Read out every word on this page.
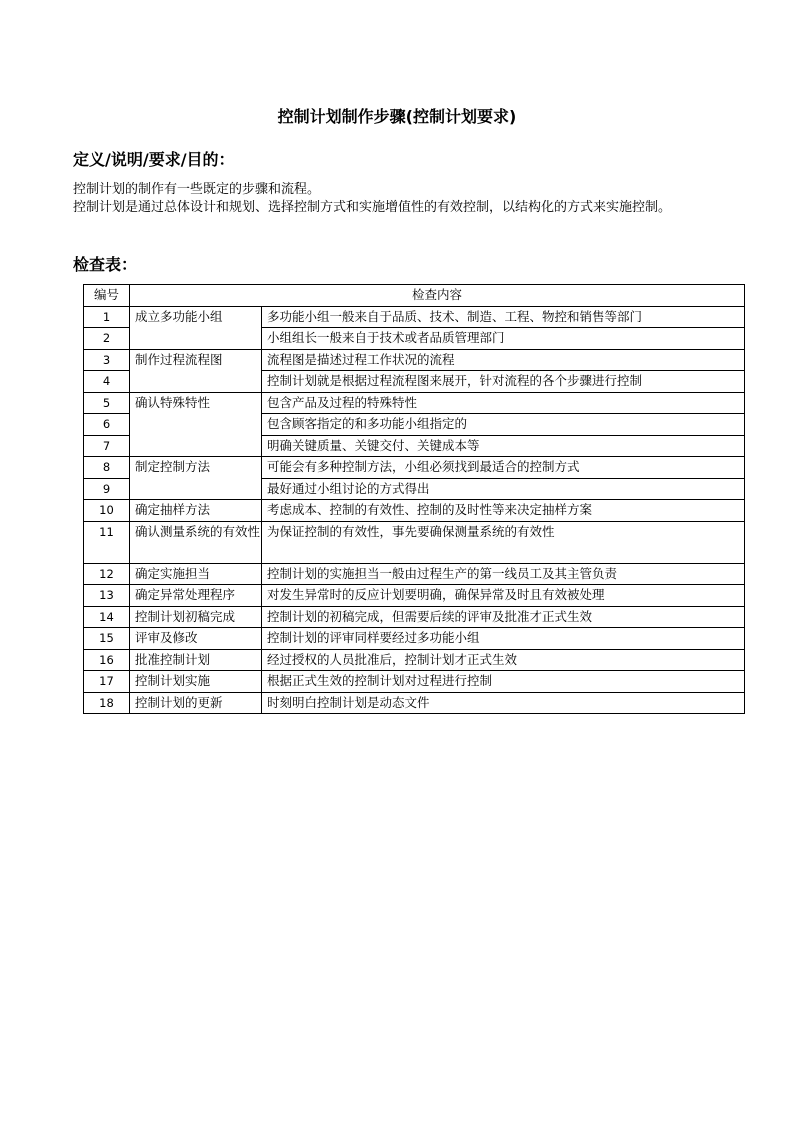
控制计划制作步骤(控制计划要求)
定义/说明/要求/目的：

控制计划的制作有一些既定的步骤和流程。

控制计划是通过总体设计和规划、选择控制方式和实施增值性的有效控制，以结构化的方式来实施控制。

检查表：
编号	检查内容	
1	成立多功能小组	多功能小组一般来自于品质、技术、制造、工程、物控和销售等部门
2		小组组长一般来自于技术或者品质管理部门
3	制作过程流程图	流程图是描述过程工作状况的流程
4		控制计划就是根据过程流程图来展开，针对流程的各个步骤进行控制
5	确认特殊特性	包含产品及过程的特殊特性
6		包含顾客指定的和多功能小组指定的
7		明确关键质量、关键交付、关键成本等
8	制定控制方法	可能会有多种控制方法，小组必须找到最适合的控制方式
9		最好通过小组讨论的方式得出
10	确定抽样方法	考虑成本、控制的有效性、控制的及时性等来决定抽样方案
11	确认测量系统的有效性	为保证控制的有效性，事先要确保测量系统的有效性
12	确定实施担当	控制计划的实施担当一般由过程生产的第一线员工及其主管负责
13	确定异常处理程序	对发生异常时的反应计划要明确，确保异常及时且有效被处理
14	控制计划初稿完成	控制计划的初稿完成，但需要后续的评审及批准才正式生效
15	评审及修改	控制计划的评审同样要经过多功能小组
16	批准控制计划	经过授权的人员批准后，控制计划才正式生效
17	控制计划实施	根据正式生效的控制计划对过程进行控制
18	控制计划的更新	时刻明白控制计划是动态文件
